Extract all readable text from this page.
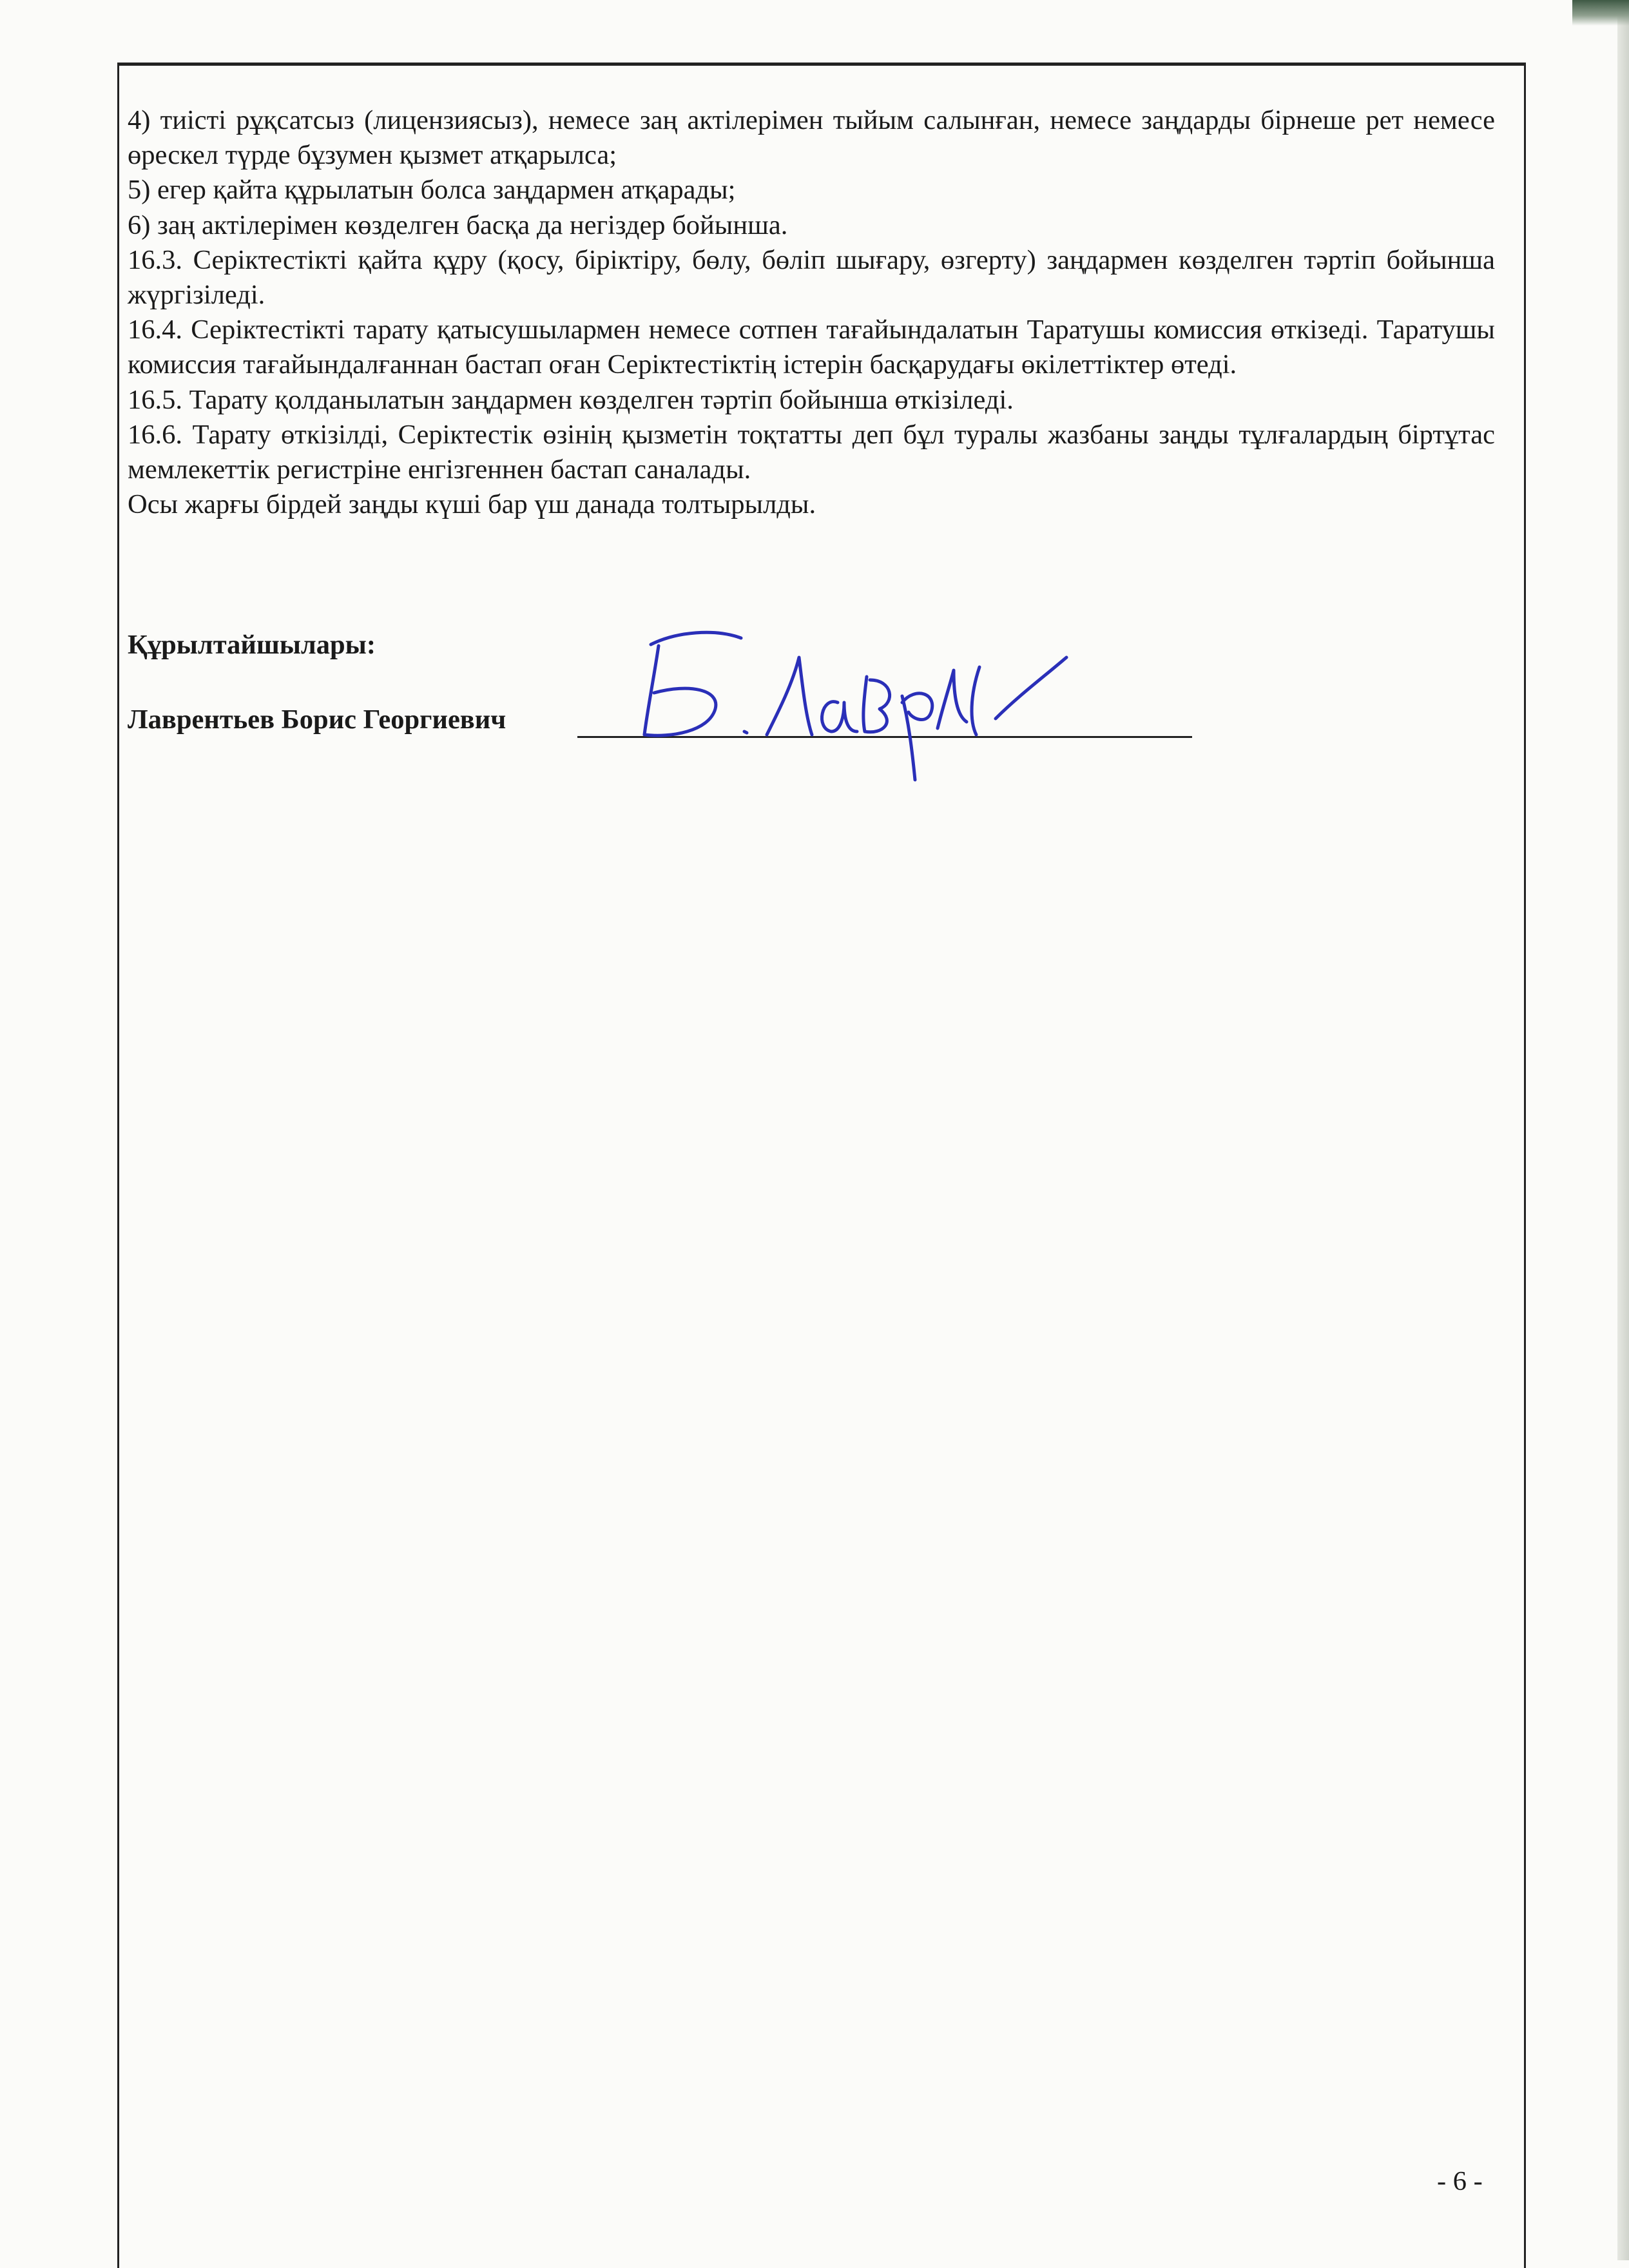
4) тиісті рұқсатсыз (лицензиясыз), немесе заң актілерімен тыйым салынған, немесе заңдарды бірнеше рет немесе өрескел түрде бұзумен қызмет атқарылса;

5) егер қайта құрылатын болса заңдармен атқарады;

6) заң актілерімен көзделген басқа да негіздер бойынша.

16.3. Серіктестікті қайта құру (қосу, біріктіру, бөлу, бөліп шығару, өзгерту) заңдармен көзделген тәртіп бойынша жүргізіледі.

16.4. Серіктестікті тарату қатысушылармен немесе сотпен тағайындалатын Таратушы комиссия өткізеді. Таратушы комиссия тағайындалғаннан бастап оған Серіктестіктің істерін басқарудағы өкілеттіктер өтеді.

16.5. Тарату қолданылатын заңдармен көзделген тәртіп бойынша өткізіледі.

16.6. Тарату өткізілді, Серіктестік өзінің қызметін тоқтатты деп бұл туралы жазбаны заңды тұлғалардың біртұтас мемлекеттік регистріне енгізгеннен бастап саналады.

Осы жарғы бірдей заңды күші бар үш данада толтырылды.

Құрылтайшылары:

Лаврентьев Борис Георгиевич
- 6 -
